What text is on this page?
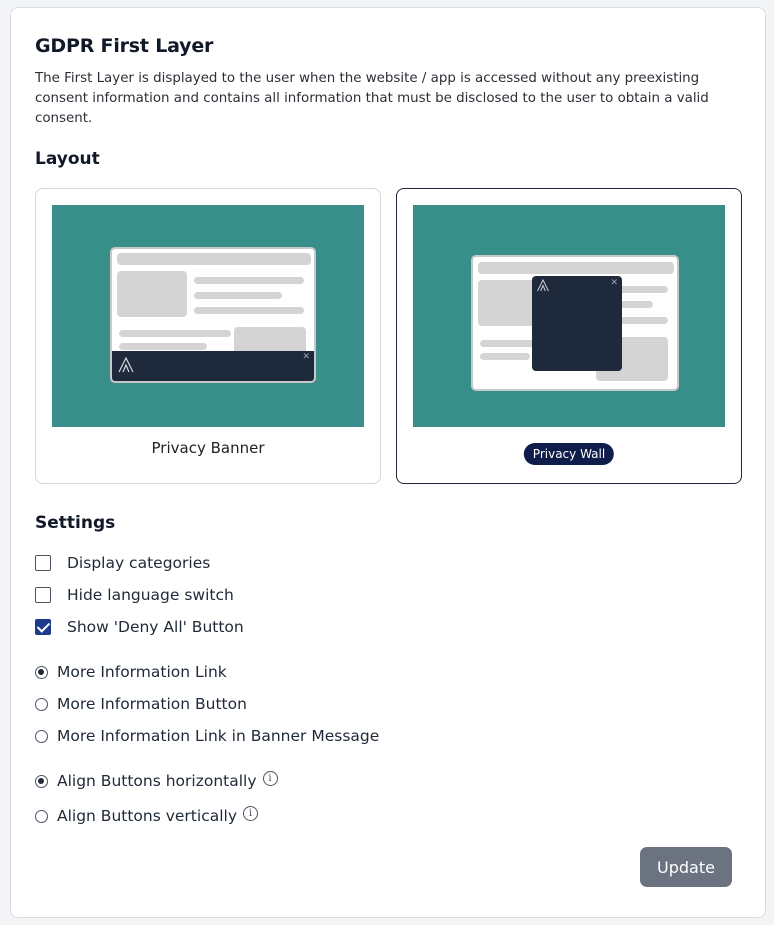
GDPR First Layer

The First Layer is displayed to the user when the website / app is accessed without any preexisting consent information and contains all information that must be disclosed to the user to obtain a valid consent.

Layout
✕
Privacy Banner
✕
Privacy Wall
Settings
Display categories
Hide language switch
Show 'Deny All' Button
More Information Link
More Information Button
More Information Link in Banner Message
Align Buttons horizontally	i
Align Buttons vertically	i
Update
